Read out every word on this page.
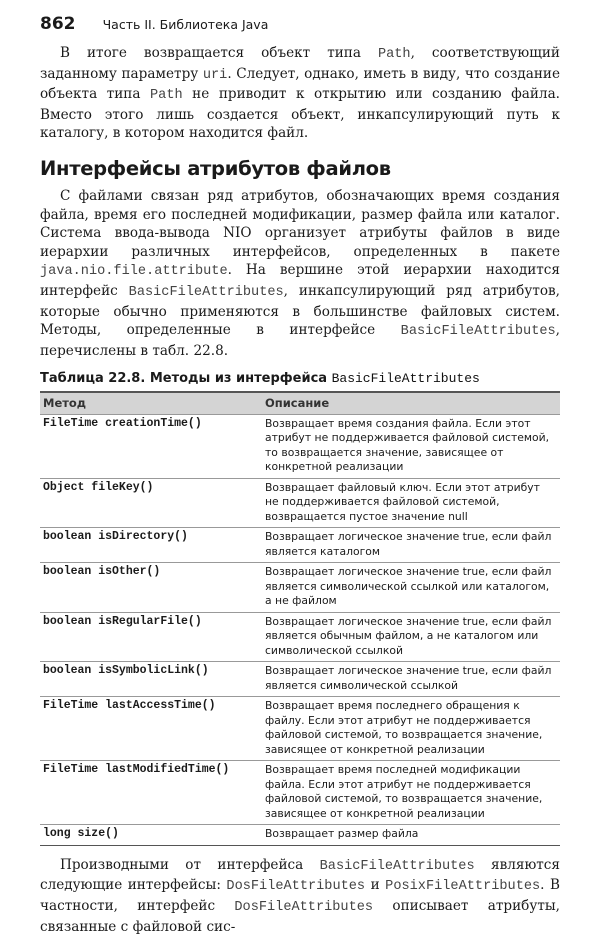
862 Часть II. Библиотека Java

В итоге возвращается объект типа Path, соответствующий заданному параметру uri. Следует, однако, иметь в виду, что создание объекта типа Path не приводит к открытию или созданию файла. Вместо этого лишь создается объект, инкапсулирующий путь к каталогу, в котором находится файл.

Интерфейсы атрибутов файлов

С файлами связан ряд атрибутов, обозначающих время создания файла, время его последней модификации, размер файла или каталог. Система ввода-вывода NIO организует атрибуты файлов в виде иерархии различных интерфейсов, определенных в пакете java.nio.file.attribute. На вершине этой иерархии находится интерфейс BasicFileAttributes, инкапсулирующий ряд атрибутов, которые обычно применяются в большинстве файловых систем. Методы, определенные в интерфейсе BasicFileAttributes, перечислены в табл. 22.8.

Таблица 22.8. Методы из интерфейса BasicFileAttributes
Метод	Описание
FileTime creationTime()	Возвращает время создания файла. Если этот атрибут не поддерживается файловой системой, то возвращается значение, зависящее от конкретной реализации
Object fileKey()	Возвращает файловый ключ. Если этот атрибут не поддерживается файловой системой, возвращается пустое значение null
boolean isDirectory()	Возвращает логическое значение true, если файл является каталогом
boolean isOther()	Возвращает логическое значение true, если файл является символической ссылкой или каталогом, а не файлом
boolean isRegularFile()	Возвращает логическое значение true, если файл является обычным файлом, а не каталогом или символической ссылкой
boolean isSymbolicLink()	Возвращает логическое значение true, если файл является символической ссылкой
FileTime lastAccessTime()	Возвращает время последнего обращения к файлу. Если этот атрибут не поддерживается файловой системой, то возвращается значение, зависящее от конкретной реализации
FileTime lastModifiedTime()	Возвращает время последней модификации файла. Если этот атрибут не поддерживается файловой системой, то возвращается значение, зависящее от конкретной реализации
long size()	Возвращает размер файла

Производными от интерфейса BasicFileAttributes являются следующие интерфейсы: DosFileAttributes и PosixFileAttributes. В частности, интерфейс DosFileAttributes описывает атрибуты, связанные с файловой сис-
